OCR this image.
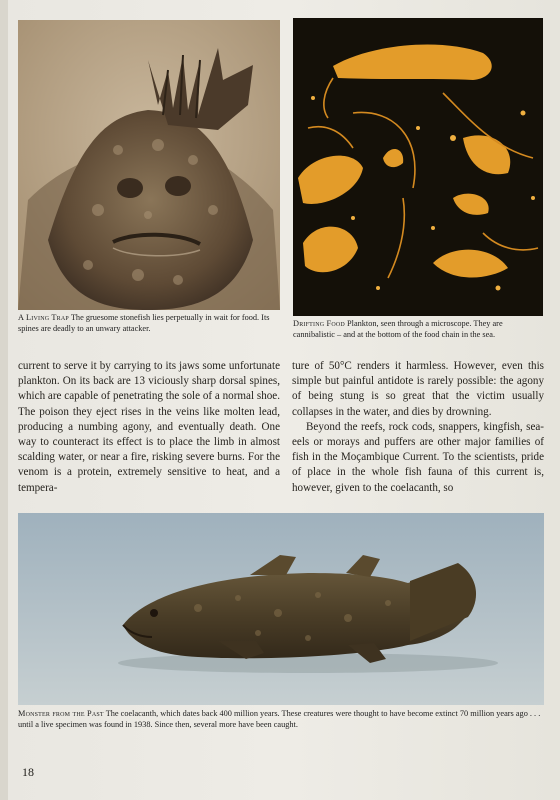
A Living Trap The gruesome stonefish lies perpetually in wait for food. Its spines are deadly to an unwary attacker.
Drifting Food Plankton, seen through a microscope. They are cannibalistic – and at the bottom of the food chain in the sea.

current to serve it by carrying to its jaws some unfortunate plankton. On its back are 13 viciously sharp dorsal spines, which are capable of penetrating the sole of a normal shoe. The poison they eject rises in the veins like molten lead, producing a numbing agony, and eventually death. One way to counteract its effect is to place the limb in almost scalding water, or near a fire, risking severe burns. For the venom is a protein, extremely sensitive to heat, and a tempera-

ture of 50°C renders it harmless. However, even this simple but painful antidote is rarely possible: the agony of being stung is so great that the victim usually collapses in the water, and dies by drowning.

Beyond the reefs, rock cods, snappers, kingfish, sea-eels or morays and puffers are other major families of fish in the Moçambique Current. To the scientists, pride of place in the whole fish fauna of this current is, however, given to the coelacanth, so

Monster from the Past The coelacanth, which dates back 400 million years. These creatures were thought to have become extinct 70 million years ago . . . until a live specimen was found in 1938. Since then, several more have been caught.
18
